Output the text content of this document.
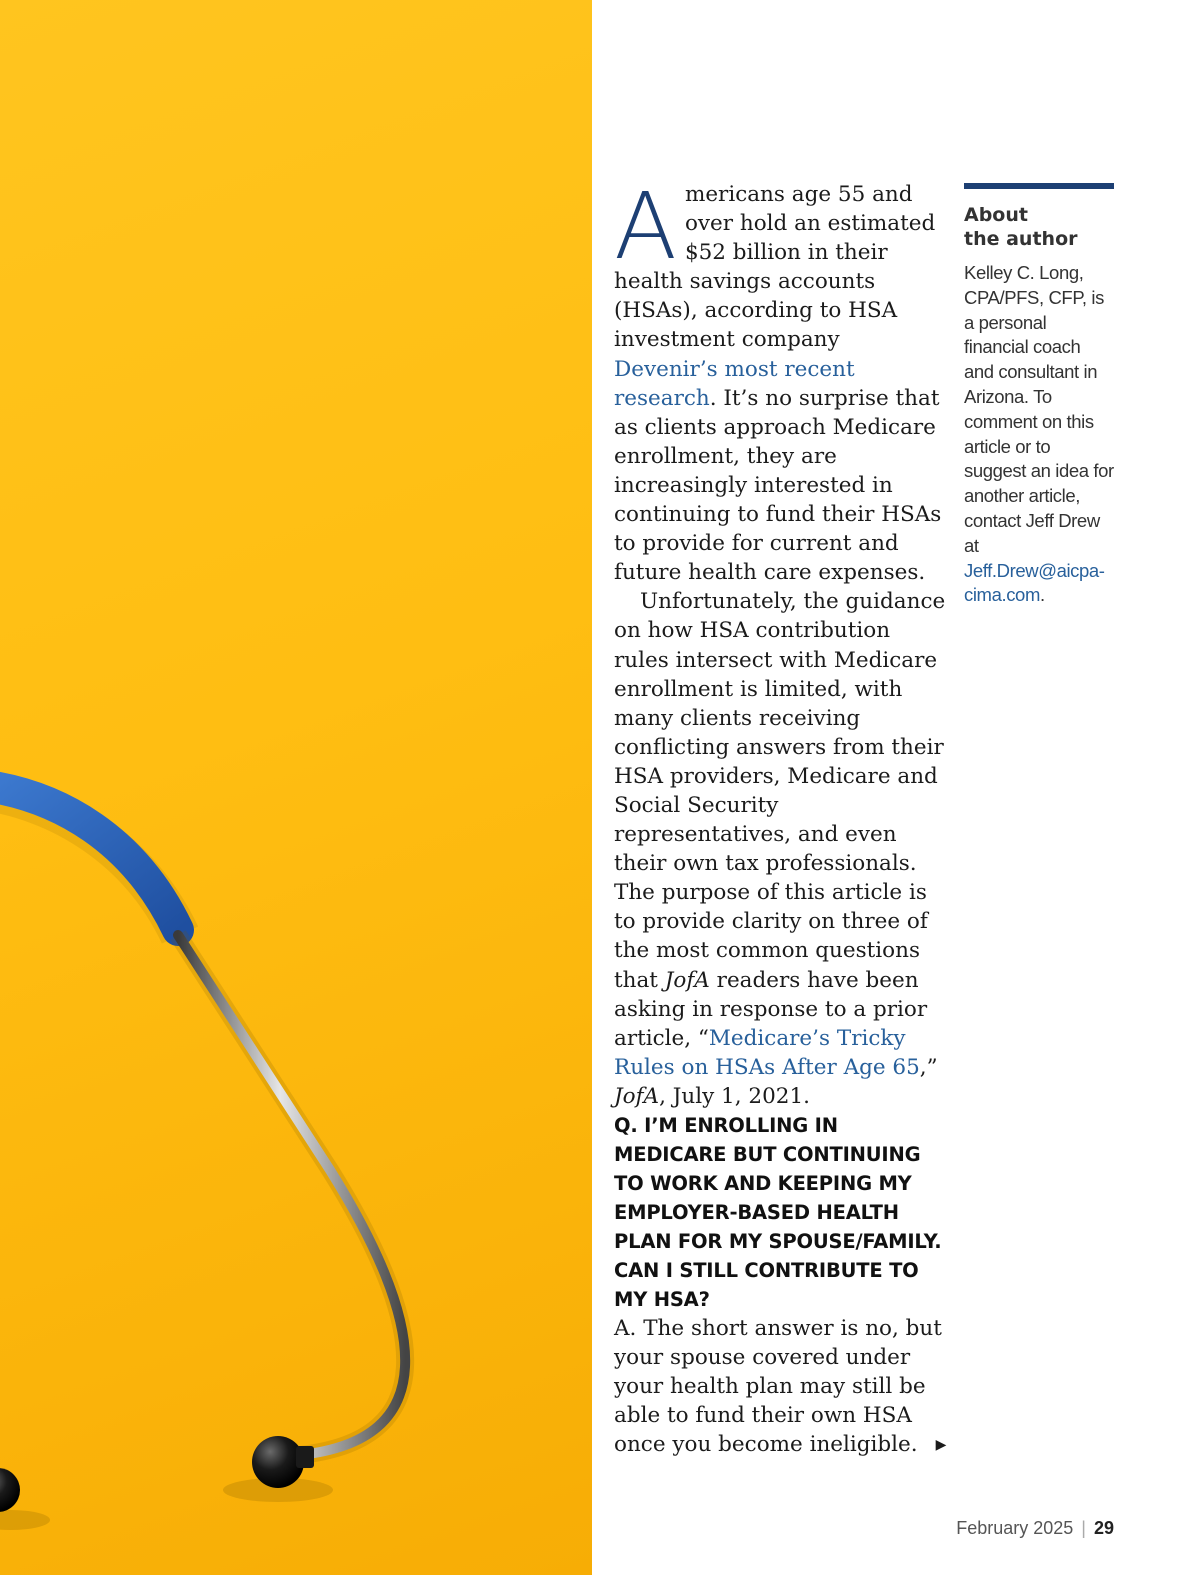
Americans age 55 and over hold an estimated $52 billion in their health savings accounts (HSAs), according to HSA investment company Devenir’s most recent research. It’s no surprise that as clients approach Medicare enrollment, they are increasingly interested in continuing to fund their HSAs to provide for current and future health care expenses.

Unfortunately, the guidance on how HSA contribution rules intersect with Medicare enrollment is limited, with many clients receiving conflicting answers from their HSA providers, Medicare and Social Security representatives, and even their own tax professionals. The purpose of this article is to provide clarity on three of the most common questions that JofA readers have been asking in response to a prior article, “Medicare’s Tricky Rules on HSAs After Age 65,” JofA, July 1, 2021.

Q. I’M ENROLLING IN MEDICARE BUT CONTINUING TO WORK AND KEEPING MY EMPLOYER-BASED HEALTH PLAN FOR MY SPOUSE/FAMILY. CAN I STILL CONTRIBUTE TO MY HSA?

A. The short answer is no, but your spouse covered under your health plan may still be able to fund their own HSA once you become ineligible. ▶

About
the author

Kelley C. Long, CPA/PFS, CFP, is a personal financial coach and consultant in Arizona. To comment on this article or to suggest an idea for another article, contact Jeff Drew at Jeff.Drew@aicpa-cima.com.

February 2025 | 29
